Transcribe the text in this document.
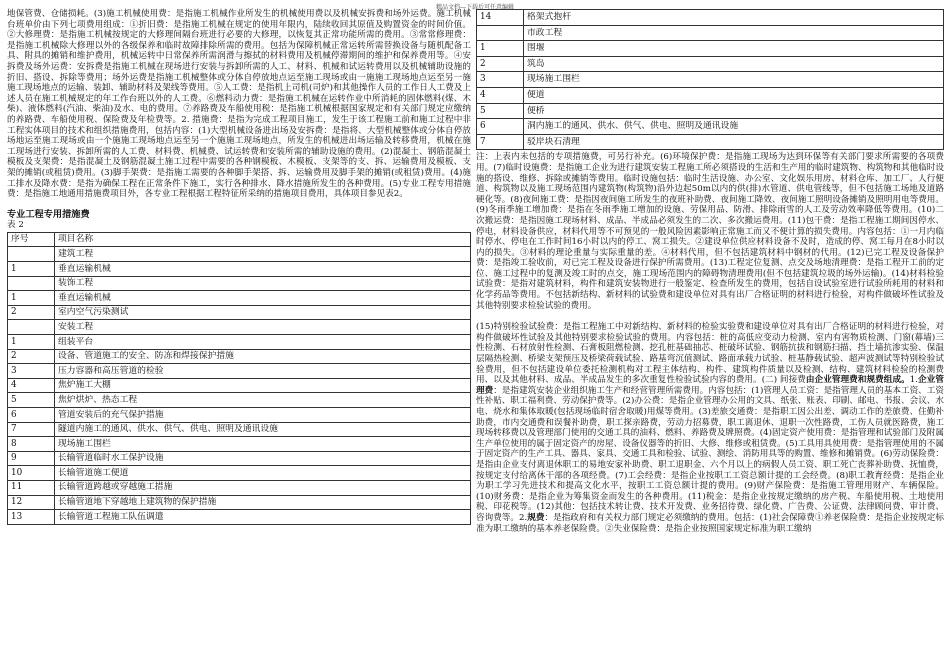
精品文档---下载后可任意编辑

地保管费、仓储损耗。(3)施工机械使用费：是指施工机械作业所发生的机械使用费以及机械安拆费和场外运费。施工机械台班单价由下列七项费用组成：①折旧费：是指施工机械在规定的使用年限内，陆续收回其原值及购置资金的时间价值。②大修理费：是指施工机械按规定的大修理间隔台班进行必要的大修理，以恢复其正常功能所需的费用。③常常修理费：是指施工机械除大修理以外的各级保养和临时故障排除所需的费用。包括为保障机械正常运转所需替换设备与随机配备工具、附具的摊销和维护费用，机械运转中日常保养所需润滑与擦拭的材料费用及机械停滞期间的维护和保养费用等。④安拆费及场外运费：安拆费是指施工机械在现场进行安装与拆卸所需的人工、材料、机械和试运转费用以及机械辅助设施的折旧、搭设、拆除等费用；场外运费是指施工机械整体或分体自停放地点运至施工现场或由一施施工现场地点运至另一施施工现场地点的运输、装卸、辅助材料及架线等费用。⑤人工费：是指机上司机(司炉)和其他操作人员的工作日人工费及上述人员在施工机械规定的年工作台班以外的人工费。⑥燃料动力费：是指施工机械在运转作业中所消耗的固体燃料(煤、木柴)、液体燃料(汽油、柴油)及水、电的费用。⑦养路费及车船使用税：是指施工机械根据国家规定和有关部门规定应缴纳的养路费、车船使用税、保险费及年检费等。2. 措施费：是指为完成工程项目施工，发生于该工程施工前和施工过程中非工程实体项目的技术和组织措施费用，包括内容：(1)大型机械设备进出场及安拆费：是指将、大型机械整体或分体自停放场地运至施工现场或由一个施施工现场地点运至另一个施施工现场地点，所发生的机械进出场运输及转移费用，机械在施工现场进行安装、拆卸所需的人工费、材料费、机械费、试运转费和安装所需的辅助设施的费用。(2)混凝土、钢筋混凝土模板及支架费：是指混凝土及钢筋混凝土施工过程中需要的各种钢模板、木模板、支架等的支、拆、运输费用及模板、支架的摊销(或租赁)费用。(3)脚手架费：是指施工需要的各种脚手架搭、拆、运输费用及脚手架的摊销(或租赁)费用。(4)施工排水及降水费：是指为确保工程在正常条件下施工，实行各种排水、降水措施所发生的各种费用。(5)专业工程专用措施费：是指施工地通用措施费项目外，各专业工程根据工程特征所采纳的措施项目费用，具体项目参见表2。

专业工程专用措施费

表 2

序号	项目名称
	建筑工程
1	垂直运输机械
	装饰工程
1	垂直运输机械
2	室内空气污染测试
	安装工程
1	组装平台
2	设备、管道施工的安全、防冻和焊接保护措施
3	压力容器和高压管道的检验
4	焦炉施工大棚
5	焦炉烘炉、热态工程
6	管道安装后的充气保护措施
7	隧道内施工的通风、供水、供气、供电、照明及通讯设施
8	现场施工围栏
9	长输管道临时水工保护设施
10	长输管道施工便道
11	长输管道跨越或穿越施工措施
12	长输管道地下穿越地上建筑物的保护措施
13	长输管道工程施工队伍调遣
14	格架式抱杆
	市政工程
1	围堰
2	筑岛
3	现场施工围栏
4	便道
5	便桥
6	洞内施工的通风、供水、供气、供电、照明及通讯设施
7	驳岸块石清理

注：上表内未包括的专项措施费，可另行补充。(6)环境保护费：是指施工现场为达到环保等有关部门要求所需要的各项费用。(7)临时设施费：是指施工企业为进行建筑安装工程施工所必须搭设的生活和生产用的临时建筑物、构筑物和其他临时设施的搭设、维修、拆除或摊销等费用。临时设施包括：临时生活设施、办公室、文化娱乐用房、材料仓库、加工厂、人行便道、构筑物以及施工现场范围内建筑物(构筑物)沿外边起50m以内的供(排)水管道、供电管线等，但不包括施工场地及道路硬化等。(8)夜间施工费：是指因夜间施工所发生的夜班补助费、夜间施工降效、夜间施工照明设备摊销及照明用电等费用。(9)冬雨季施工增加费：是指在冬雨季施工增加的设施、劳保用品、防滑、排除雨雪的人工及劳动效率降低等费用。(10)二次搬运费：是指因施工现场材料、成品、半成品必须发生的二次、多次搬运费用。(11)包干费：是指工程施工期间因停水、停电，材料设备供应，材料代用等不可预见的一般风险因素影响正常施工而又不便计算的损失费用。内容包括：①一月内临时停水、停电在工作时间16小时以内的停工、窝工损失。②建设单位供应材料设备不及时，造成的停、窝工每月在8小时以内的损失。③材料的理论重量与实际重量的差。④材料代用，但不包括建筑材料中钢材的代用。(12)已完工程及设备保护费：是指竣工验收前，对已完工程及设备进行保护所需费用。(13)工程定位复测、点交及场地清理费：是指工程开工前的定位、施工过程中的复测及竣工时的点交，施工现场范围内的障碍物清理费用(但不包括建筑垃圾的场外运输)。(14)材料检验试验费：是指对建筑材料，构件和建筑安装物进行一般鉴定、检查所发生的费用，包括自设试验室进行试验所耗用的材料和化学药品等费用。不包括新结构、新材料的试验费和建设单位对具有出厂合格证明的材料进行检验，对构件做破坏性试验及其他特别要求检验试验的费用。

(15)特别检验试验费：是指工程施工中对新结构、新材料的检验实验费和建设单位对具有出厂合格证明的材料进行检验，对构件做破坏性试验及其他特别要求检验试验的费用。内容包括：桩的高低应变动力检测、室内有害物质检测、门窗(幕墙)三性检测、石材放射性检测、石膏板阻燃检测、挖孔桩基础抽芯、桩破坏试验、钢筋抗拔和钢筋扫描、挡土墙抗渗实验、保温层隔热检测、桥梁支架预压及桥梁荷载试验、路基弯沉值测试、路面承载力试验、桩基静载试验、超声波测试等特别检验试验费用，但不包括建设单位委托检测机构对工程主体结构、构件、建筑构件质量以及检测、结构、建筑材料检验的检测费用、以及其他材料、成品、半成品发生的多次重复性检验试验内容的费用。(二) 间接费由企业管理费和规费组成。1.企业管理费：是指建筑安装企业组织施工生产和经营管理所需费用。内容包括：(1)管理人员工资：是指管理人员的基本工资、工资性补贴、职工福利费、劳动保护费等。(2)办公费：是指企业管理办公用的文具、纸张、账表、印刷、邮电、书报、会议、水电、烧水和集体取暖(包括现场临时宿舍取暖)用煤等费用。(3)差旅交通费：是指职工因公出差、调动工作的差旅费、住勤补助费，市内交通费和误餐补助费，职工探亲路费，劳动力招募费，职工离退休、退职一次性路费，工伤人员就医路费，施工现场转移费以及管理部门使用的交通工具的油料、燃料、养路费及牌照费。(4)固定资产使用费：是指管理和试验部门及附属生产单位使用的属于固定资产的房屋、设备仪器等的折旧、大修、维修或租赁费。(5)工具用具使用费：是指管理使用的不属于固定资产的生产工具、器具、家具、交通工具和检验、试验、测绘、消防用具等的购置、维修和摊销费。(6)劳动保险费：是指由企业支付离退休职工的易地安家补助费、职工退职金、六个月以上的病假人员工资、职工死亡丧葬补助费、抚恤费，按规定支付给离休干部的各项经费。(7)工会经费：是指企业按职工工资总额计提的工会经费。(8)职工教育经费：是指企业为职工学习先进技术和提高文化水平，按职工工资总额计提的费用。(9)财产保险费：是指施工管理用财产、车辆保险。(10)财务费：是指企业为筹集资金而发生的各种费用。(11)税金：是指企业按规定缴纳的房产税、车船使用税、土地使用税、印花税等。(12)其他：包括技术转让费、技术开发费、业务招待费、绿化费、广告费、公证费、法律顾问费、审计费、咨询费等。2.规费：是指政府和有关权力部门规定必须缴纳的费用。包括：(1)社会保障费①养老保险费：是指企业按规定标准为职工缴纳的基本养老保险费。②失业保险费：是指企业按照国家规定标准为职工缴纳
